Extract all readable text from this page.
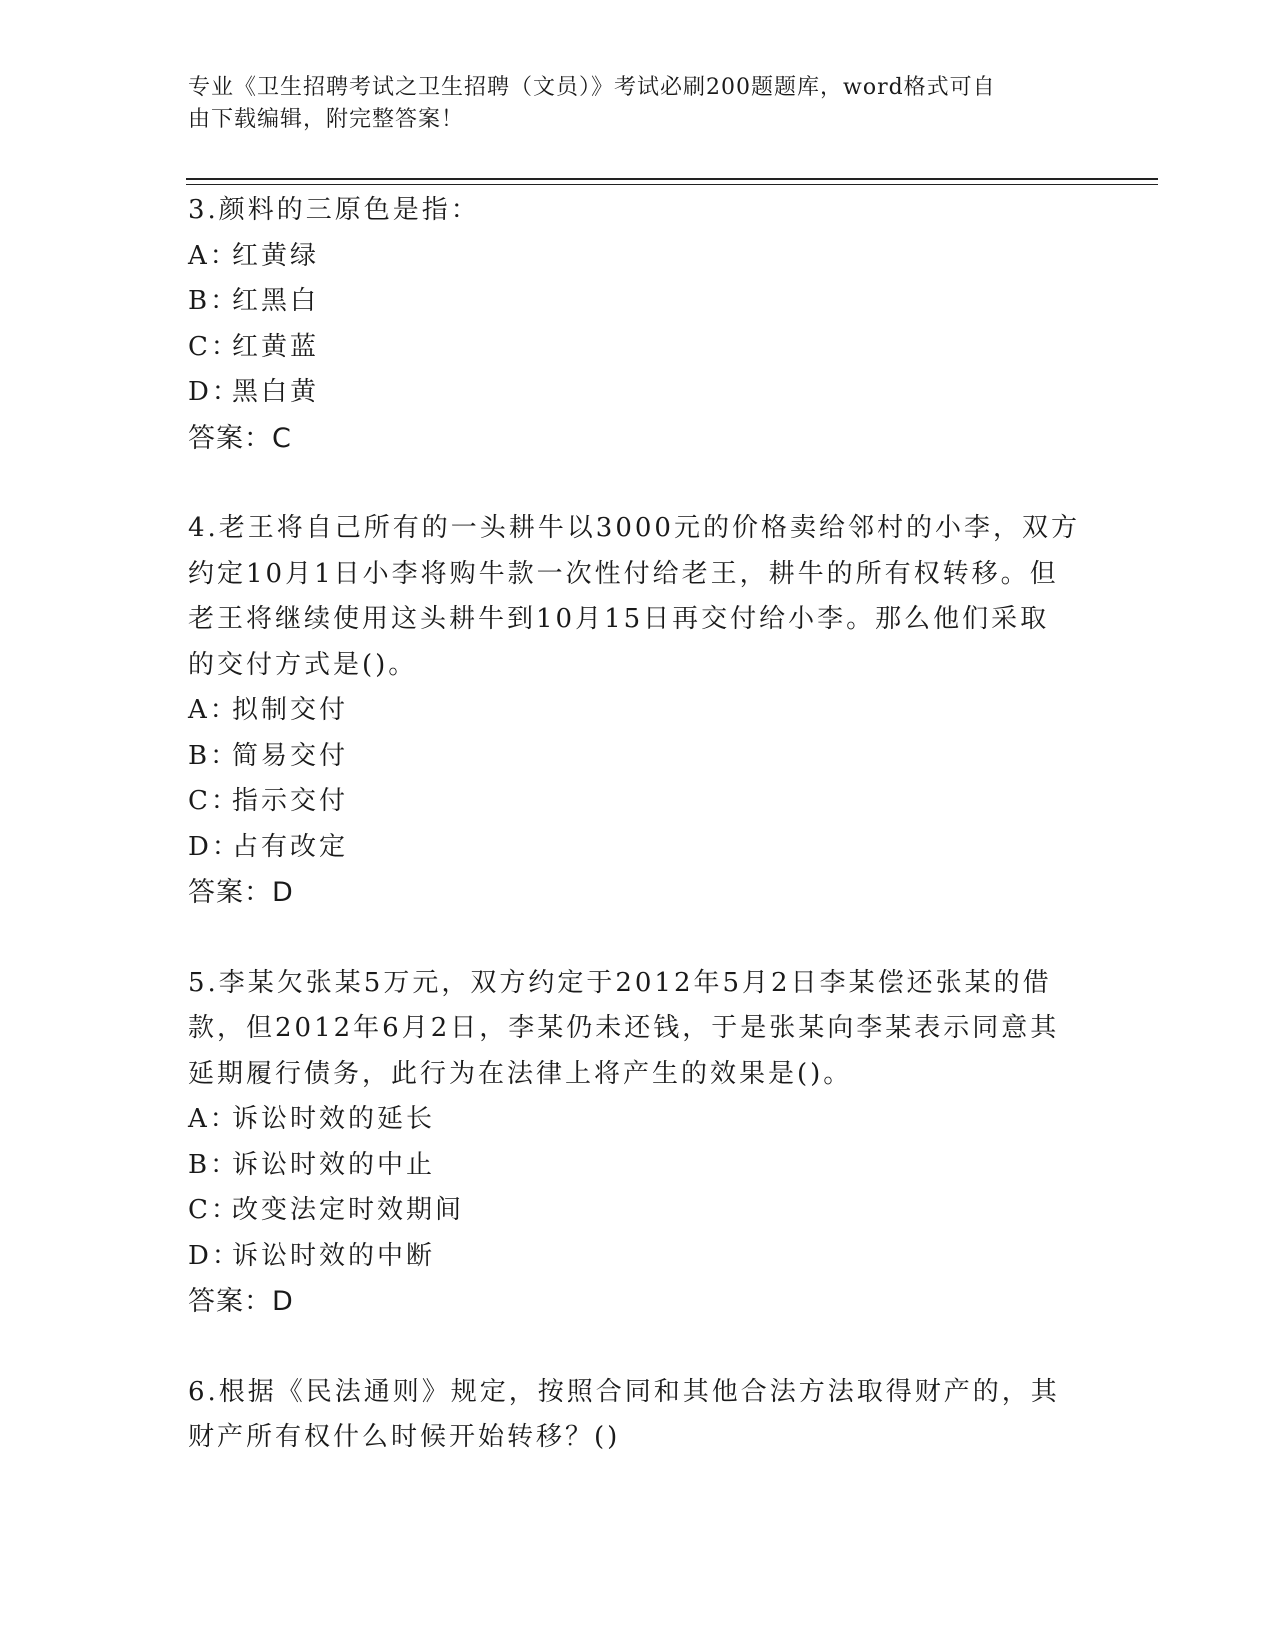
专业《卫生招聘考试之卫生招聘（文员）》考试必刷200题题库，word格式可自
由下载编辑，附完整答案！
3.颜料的三原色是指：
A：红黄绿
B：红黑白
C：红黄蓝
D：黑白黄
答案：C
4.老王将自己所有的一头耕牛以3000元的价格卖给邻村的小李，双方
约定10月1日小李将购牛款一次性付给老王，耕牛的所有权转移。但
老王将继续使用这头耕牛到10月15日再交付给小李。那么他们采取
的交付方式是()。
A：拟制交付
B：简易交付
C：指示交付
D：占有改定
答案：D
5.李某欠张某5万元，双方约定于2012年5月2日李某偿还张某的借
款，但2012年6月2日，李某仍未还钱，于是张某向李某表示同意其
延期履行债务，此行为在法律上将产生的效果是()。
A：诉讼时效的延长
B：诉讼时效的中止
C：改变法定时效期间
D：诉讼时效的中断
答案：D
6.根据《民法通则》规定，按照合同和其他合法方法取得财产的，其
财产所有权什么时候开始转移？()
